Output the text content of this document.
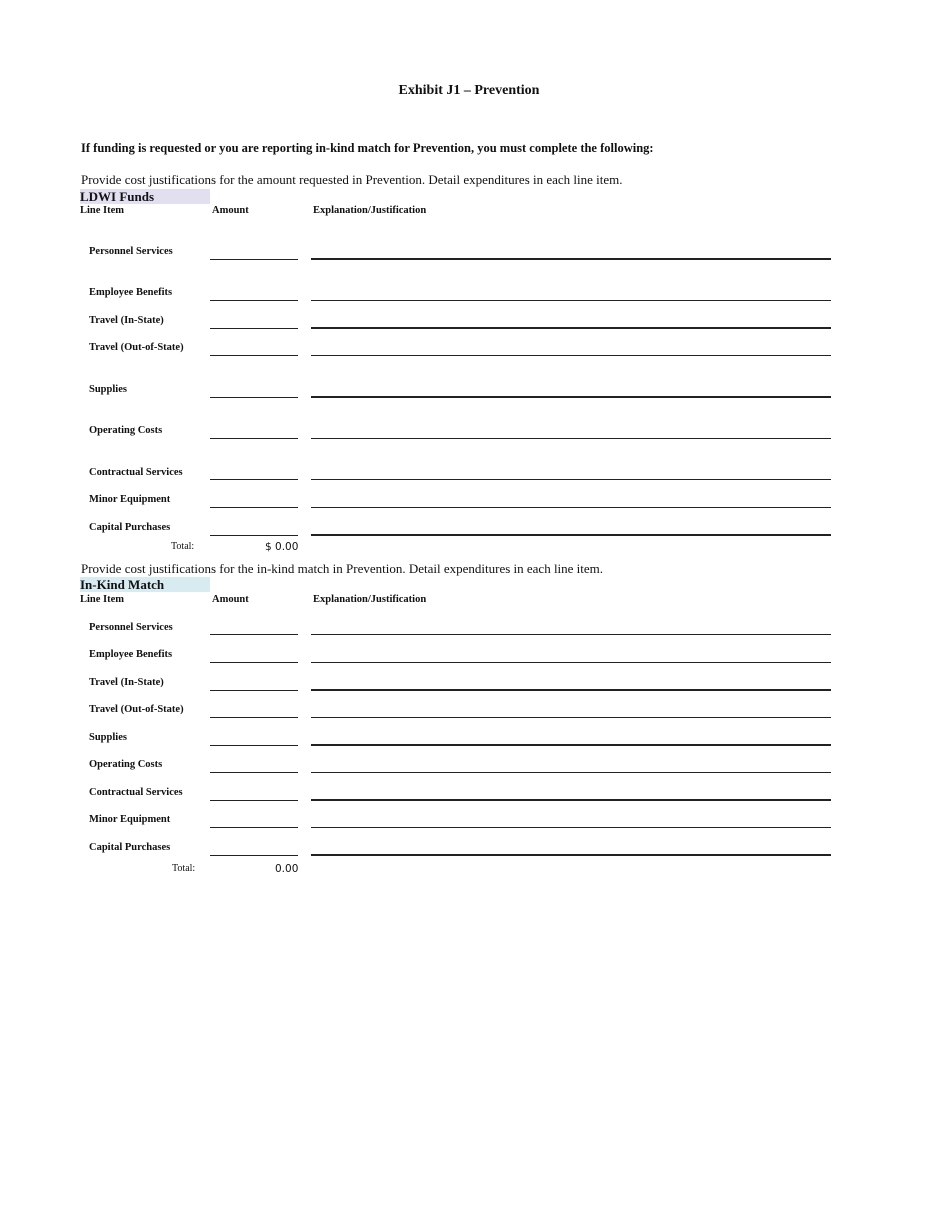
Exhibit J1 – Prevention
If funding is requested or you are reporting in-kind match for Prevention, you must complete the following:
Provide cost justifications for the amount requested in Prevention. Detail expenditures in each line item.
LDWI Funds
Line Item	Amount	Explanation/Justification
Personnel Services
Employee Benefits
Travel (In-State)
Travel (Out-of-State)
Supplies
Operating Costs
Contractual Services
Minor Equipment
Capital Purchases
Total:	$ 0.00
Provide cost justifications for the in-kind match in Prevention. Detail expenditures in each line item.
In-Kind Match
Line Item	Amount	Explanation/Justification
Personnel Services
Employee Benefits
Travel (In-State)
Travel (Out-of-State)
Supplies
Operating Costs
Contractual Services
Minor Equipment
Capital Purchases
Total:	0.00
